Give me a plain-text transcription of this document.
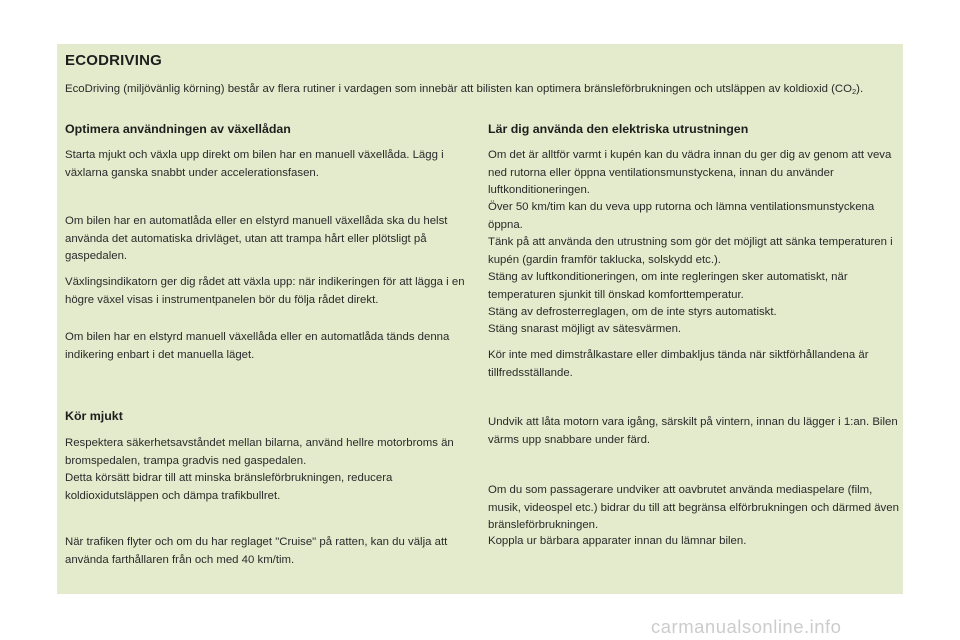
ECODRIVING
EcoDriving (miljövänlig körning) består av flera rutiner i vardagen som innebär att bilisten kan optimera bränsleförbrukningen och utsläppen av koldioxid $(CO_2)$.
Optimera användningen av växellådan

Starta mjukt och växla upp direkt om bilen har en manuell växellåda. Lägg i växlarna ganska snabbt under accelerationsfasen.

Om bilen har en automatlåda eller en elstyrd manuell växellåda ska du helst använda det automatiska drivläget, utan att trampa hårt eller plötsligt på gaspedalen.

Växlingsindikatorn ger dig rådet att växla upp: när indikeringen för att lägga i en högre växel visas i instrumentpanelen bör du följa rådet direkt.

Om bilen har en elstyrd manuell växellåda eller en automatlåda tänds denna indikering enbart i det manuella läget.

Kör mjukt

Respektera säkerhetsavståndet mellan bilarna, använd hellre motorbroms än bromspedalen, trampa gradvis ned gaspedalen.

Detta körsätt bidrar till att minska bränsleförbrukningen, reducera koldioxidutsläppen och dämpa trafikbullret.

När trafiken flyter och om du har reglaget "Cruise" på ratten, kan du välja att använda farthållaren från och med 40 km/tim.

Lär dig använda den elektriska utrustningen

Om det är alltför varmt i kupén kan du vädra innan du ger dig av genom att veva ned rutorna eller öppna ventilationsmunstyckena, innan du använder luftkonditioneringen.

Över 50 km/tim kan du veva upp rutorna och lämna ventilationsmunstyckena öppna.

Tänk på att använda den utrustning som gör det möjligt att sänka temperaturen i kupén (gardin framför taklucka, solskydd etc.).

Stäng av luftkonditioneringen, om inte regleringen sker automatiskt, när temperaturen sjunkit till önskad komforttemperatur.

Stäng av defrosterreglagen, om de inte styrs automatiskt.

Stäng snarast möjligt av sätesvärmen.

Kör inte med dimstrålkastare eller dimbakljus tända när siktförhållandena är tillfredsställande.

Undvik att låta motorn vara igång, särskilt på vintern, innan du lägger i 1:an. Bilen värms upp snabbare under färd.

Om du som passagerare undviker att oavbrutet använda mediaspelare (film, musik, videospel etc.) bidrar du till att begränsa elförbrukningen och därmed även bränsleförbrukningen.

Koppla ur bärbara apparater innan du lämnar bilen.

carmanualsonline.info
